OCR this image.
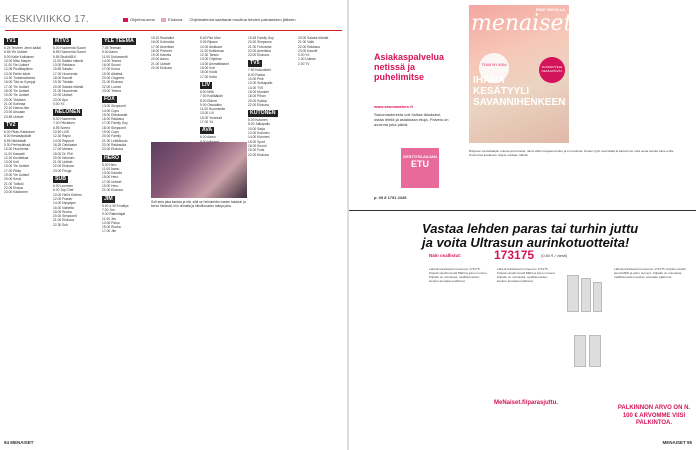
KESKIVIIKKO 17.	Ohjelma-arvio	Elokuva Ohjelmatiedot saattavat muuttua lehden painamisen jälkeen.
TV1
6.25 Terveen Jenni kaikki
6.55 Yle Uutiset
9.00 Kalle Kotilainen
10.00 Miss Marple
11.00 Yle Uutiset
12.05 Puoliltapäivin
13.00 Reiän kävin
14.30 Tuntemattomia
16.00 Tää on Kymppi
17.00 Yle Uutiset
18.00 Yle Uutiset
19.00 Yle Uutiset
20.00 Ykkösen
21.00 Kotimaa
22.10 Hanna-Ilse
23.00 Ainoaan
23.55 Uutiset
TV2
6.00 Pikku Kakkonen
8.00 Kesäsäpäivät
8.55 Nikkelitalli
9.30 Perhepiirissä
10.00 Huomenta
11.00 Kasvatti
12.20 Kuvitelkaa
13.00 Koti
15.00 Yle Uutiset
17.00 Pikku
19.00 Yle Uutiset
20.00 Kesä
21.00 Tulituki
22.05 Elokuu
23.00 Kakkonen
MTV3
6.00 Huomenta Suomi
8.55 Huomenta Suomi
9.55 Studio55.fi
11.00 Salatut elämät
13.00 Rakkaus
15.55 Salattu
17.00 Huomenta
18.00 Kauniit
19.30 Tänään
20.00 Salatut elämät
21.00 Huomenta
22.00 Uutiset
23.00 Apu
0.00 Yö
NELONEN
5.00 Huomenta
7.00 Päiväinen
8.55 Sorted
10.50 LIVE
12.30 Rapio
14.00 Rapport
16.25 Ostolaiset
17.00 Mantra
18.00 Dr. Phil
20.00 Nelonen
21.00 Uutiset
22.00 Elokuva
23.00 Fringe
SUB
6.00 Lemmen
8.00 Top Chef
10.00 Hell's Kitchen
12.00 Frasier
14.00 Nykyajan
16.00 Valheita
18.00 Ruoka
20.00 Simpsonit
21.00 Elokuva
22.30 Sub
YLE TEEMA
7.05 Teeman
9.00 Aamu
11.00 Dokumentti
14.00 Teema
16.00 Suomi
17.00 Korsa
19.00 Aikalisä
20.00 Ooppera
21.00 Elokuva
22.00 Luonto
23.00 Teema
FOX
13.00 Simpsonit
14.00 Cops
15.00 Ellenkaulat
16.00 Rakkaus
17.00 Family Guy
18.00 Simpsonit
19.00 Cops
20.00 Family
21.00 Leikkikoulu
22.00 Rakkautta
23.00 Elokuva
HERO
8.00 Hero
11.00 Aamu
13.00 Kahvila
15.00 Hero
17.00 Uutiset
19.00 Hero
21.00 Elokuva
JIM
5.00 4.30 Ennätys
7.00 Jim
9.00 Rakentajat
11.00 Jim
13.00 Paluu
15.00 Ruoka
17.00 Jim
15.10 Ruokailut
16.00 Kotiruoka
17.00 Amerikan
18.00 Perheet
19.00 Kahvila
20.00 Aamu
21.00 Uutiset
22.00 Elokuva
8.40 Pan Man
9.05 Ripaus
10.00 Alokkaat
11.00 Kelttomaa
12.30 Tanssi
13.00 Ohjelma
14.00 Ammattilaiset
15.00 Koti
16.00 Kokki
17.00 Kettu
LIV
6.00 Mitä
7.00 Kotilääkäri
8.00 Elämä
9.00 Ostolakko
11.00 Huomiselle
13.00 LIV
15.00 Yhdessä
17.00 Yö
AVA
6.00 Aamu
19.45 Family Guy
20.00 Simpsons
21.00 Futurama
22.00 Amerikka
23.00 Elokuva
TV5
7.50 Kotiuutiset
8.40 Ruoka
10.00 Pelit
12.00 Sulkapallo
14.00 TV5
16.00 Monster
18.00 Pihan
20.00 Kyklop
22.00 Elokuva
KUTONEN
6.00 Kutonen
8.00 Jalkapallo
10.00 Sarja
12.00 Kutonen
14.00 Kutonen
16.00 Sport
18.00 Suomi
20.00 Futis
22.00 Elokuva
20.00 Salatut elämät
21.00 Valin
22.00 Rakkaus
23.00 Kauniit
0.00 Yö
1.00 Uutiset
2.00 TV
Sofi tarts jaka kantaa ja etä, sillä se heimkeiden lasten takaisin ja kertoi hänestä, lelu olimalla ja kiitollisuuden taitoja jaka.
94 MENAISET
Asiakaspalvelua netissä ja puhelimitse
www.sanomastore.fi
Sanomastoresta voit hoitaa tilauksesi, ostaa lehtiä ja asiakkaan etuja. Palvelu on avoinna joka päivä.
KESTOTILAAJAN
ETU
p. 09 8 1791 2345
menaiset
ENSI VIIKOLLA
TEAM MY ANNI	SUUNNITTELE KESÄAPÄIVÄT
IHANA KESÄTYYLI SAVANNIHENKEEN
Riippuen kestotilaajan edusta ja hinnasta, tämä viikko tarjoaa lehden ja eri tuotteita. Kesän tyylit ovat täällä ja katsomme mitä uusia asioita tulee esille. Uusimmat kesäkuun ohjeet voidaan nähdä.
Vastaa lehden paras tai turhin juttu ja voita Ultrasun aurinkotuotteita!
Näin osallistut:	173175 (0,60 € / viesti)
Lähetä tekstiviesti numeroon 173175. Kirjoita viestiin koodi MEN ja jutun numero. Kilpailu on voimassa, osallistuneiden kesken arvotaan palkinnot.
Lähetä tekstiviesti numeroon 173175. Kirjoita viestiin koodi MEN ja jutun numero. Kilpailu on voimassa, osallistuneiden kesken arvotaan palkinnot.
MeNaiset.fi/parasjuttu.
Lähetä tekstiviesti numeroon 173175. Kirjoita viestiin koodi MEN ja jutun numero. Kilpailu on voimassa, osallistuneiden kesken arvotaan palkinnot.
PALKINNON ARVO ON N. 100 € ARVOMME VIISI PALKINTOA.
MENAISET 95
